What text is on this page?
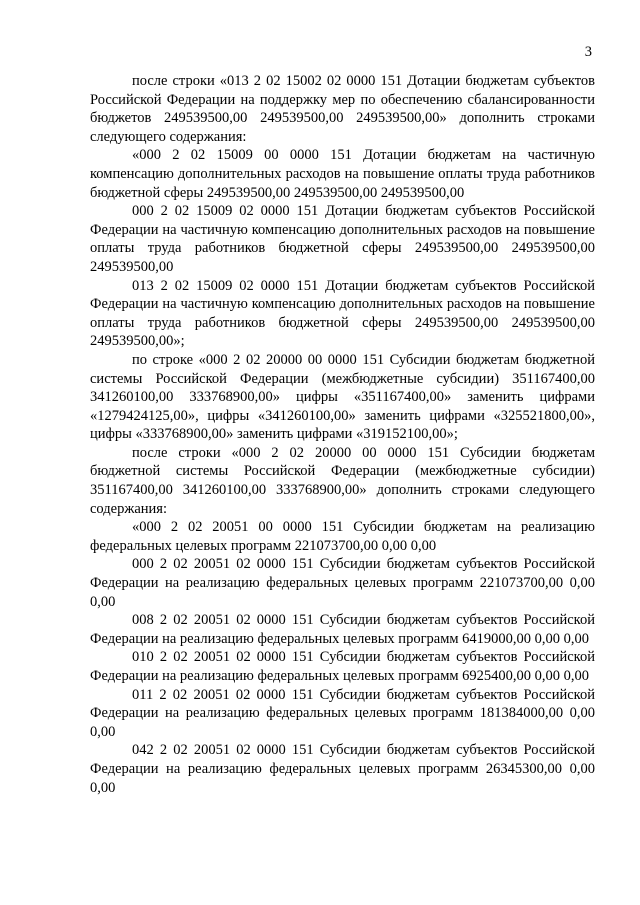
3

после строки «013 2 02 15002 02 0000 151 Дотации бюджетам субъектов Российской Федерации на поддержку мер по обеспечению сбалансированности бюджетов 249539500,00 249539500,00 249539500,00» дополнить строками следующего содержания:

«000 2 02 15009 00 0000 151 Дотации бюджетам на частичную компенсацию дополнительных расходов на повышение оплаты труда работников бюджетной сферы 249539500,00 249539500,00 249539500,00

000 2 02 15009 02 0000 151 Дотации бюджетам субъектов Российской Федерации на частичную компенсацию дополнительных расходов на повышение оплаты труда работников бюджетной сферы 249539500,00 249539500,00 249539500,00

013 2 02 15009 02 0000 151 Дотации бюджетам субъектов Российской Федерации на частичную компенсацию дополнительных расходов на повышение оплаты труда работников бюджетной сферы 249539500,00 249539500,00 249539500,00»;

по строке «000 2 02 20000 00 0000 151 Субсидии бюджетам бюджетной системы Российской Федерации (межбюджетные субсидии) 351167400,00 341260100,00 333768900,00» цифры «351167400,00» заменить цифрами «1279424125,00», цифры «341260100,00» заменить цифрами «325521800,00», цифры «333768900,00» заменить цифрами «319152100,00»;

после строки «000 2 02 20000 00 0000 151 Субсидии бюджетам бюджетной системы Российской Федерации (межбюджетные субсидии) 351167400,00 341260100,00 333768900,00» дополнить строками следующего содержания:

«000 2 02 20051 00 0000 151 Субсидии бюджетам на реализацию федеральных целевых программ 221073700,00 0,00 0,00

000 2 02 20051 02 0000 151 Субсидии бюджетам субъектов Российской Федерации на реализацию федеральных целевых программ 221073700,00 0,00 0,00

008 2 02 20051 02 0000 151 Субсидии бюджетам субъектов Российской Федерации на реализацию федеральных целевых программ 6419000,00 0,00 0,00

010 2 02 20051 02 0000 151 Субсидии бюджетам субъектов Российской Федерации на реализацию федеральных целевых программ 6925400,00 0,00 0,00

011 2 02 20051 02 0000 151 Субсидии бюджетам субъектов Российской Федерации на реализацию федеральных целевых программ 181384000,00 0,00 0,00

042 2 02 20051 02 0000 151 Субсидии бюджетам субъектов Российской Федерации на реализацию федеральных целевых программ 26345300,00 0,00 0,00
